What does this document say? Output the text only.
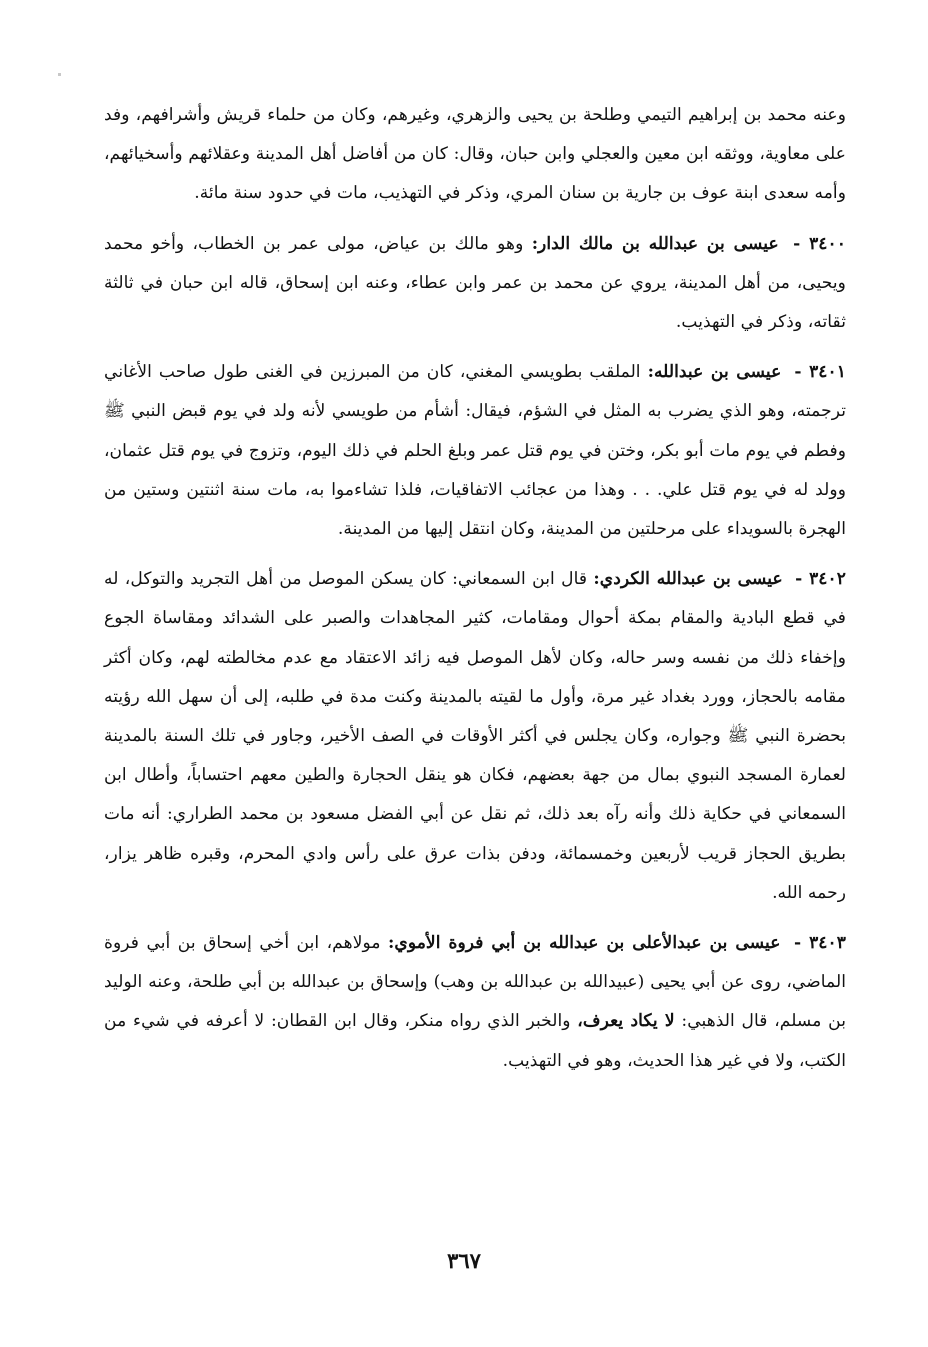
وعنه محمد بن إبراهيم التيمي وطلحة بن يحيى والزهري، وغيرهم، وكان من حلماء قريش وأشرافهم، وفد على معاوية، ووثقه ابن معين والعجلي وابن حبان، وقال: كان من أفاضل أهل المدينة وعقلائهم وأسخيائهم، وأمه سعدى ابنة عوف بن جارية بن سنان المري، وذكر في التهذيب، مات في حدود سنة مائة.

٣٤٠٠ - عيسى بن عبدالله بن مالك الدار: وهو مالك بن عياض، مولى عمر بن الخطاب، وأخو محمد ويحيى، من أهل المدينة، يروي عن محمد بن عمر وابن عطاء، وعنه ابن إسحاق، قاله ابن حبان في ثالثة ثقاته، وذكر في التهذيب.

٣٤٠١ - عيسى بن عبدالله: الملقب بطويسي المغني، كان من المبرزين في الغنى طول صاحب الأغاني ترجمته، وهو الذي يضرب به المثل في الشؤم، فيقال: أشأم من طويسي لأنه ولد في يوم قبض النبي ﷺ وفطم في يوم مات أبو بكر، وختن في يوم قتل عمر وبلغ الحلم في ذلك اليوم، وتزوج في يوم قتل عثمان، وولد له في يوم قتل علي. . . وهذا من عجائب الاتفاقيات، فلذا تشاءموا به، مات سنة اثنتين وستين من الهجرة بالسويداء على مرحلتين من المدينة، وكان انتقل إليها من المدينة.

٣٤٠٢ - عيسى بن عبدالله الكردي: قال ابن السمعاني: كان يسكن الموصل من أهل التجريد والتوكل، له في قطع البادية والمقام بمكة أحوال ومقامات، كثير المجاهدات والصبر على الشدائد ومقاساة الجوع وإخفاء ذلك من نفسه وسر حاله، وكان لأهل الموصل فيه زائد الاعتقاد مع عدم مخالطته لهم، وكان أكثر مقامه بالحجاز، وورد بغداد غير مرة، وأول ما لقيته بالمدينة وكنت مدة في طلبه، إلى أن سهل الله رؤيته بحضرة النبي ﷺ وجواره، وكان يجلس في أكثر الأوقات في الصف الأخير، وجاور في تلك السنة بالمدينة لعمارة المسجد النبوي بمال من جهة بعضهم، فكان هو ينقل الحجارة والطين معهم احتساباً، وأطال ابن السمعاني في حكاية ذلك وأنه رآه بعد ذلك، ثم نقل عن أبي الفضل مسعود بن محمد الطراري: أنه مات بطريق الحجاز قريب لأربعين وخمسمائة، ودفن بذات عرق على رأس وادي المحرم، وقبره ظاهر يزار، رحمه الله.

٣٤٠٣ - عيسى بن عبدالأعلى بن عبدالله بن أبي فروة الأموي: مولاهم، ابن أخي إسحاق بن أبي فروة الماضي، روى عن أبي يحيى (عبيدالله بن عبدالله بن وهب) وإسحاق بن عبدالله بن أبي طلحة، وعنه الوليد بن مسلم، قال الذهبي: لا يكاد يعرف، والخبر الذي رواه منكر، وقال ابن القطان: لا أعرفه في شيء من الكتب، ولا في غير هذا الحديث، وهو في التهذيب.

٣٦٧
